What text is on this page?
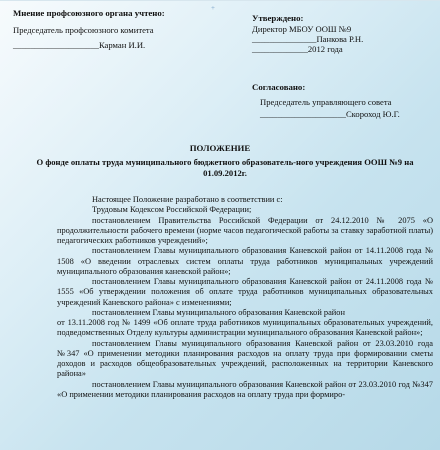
+
Мнение профсоюзного органа учтено:
Председатель профсоюзного комитета
____________________Карман И.И.
Утверждено:
Директор МБОУ ООШ №9
_______________Панкова Р.Н.
_____________2012 года
Согласовано:
Председатель управляющего совета
____________________Скороход Ю.Г.
ПОЛОЖЕНИЕ
О фонде оплаты труда муниципального бюджетного образователь-ного учреждения ООШ №9 на 01.09.2012г.

Настоящее Положение разработано в соответствии с:

Трудовым Кодексом Российской Федерации;

постановлением Правительства Российской Федерации от 24.12.2010 № 2075 «О продолжительности рабочего времени (норме часов педагогической работы за ставку заработной платы) педагогических работников учреждений»;

постановлением Главы муниципального образования Каневской район от 14.11.2008 года № 1508 «О введении отраслевых систем оплаты труда работников муниципальных учреждений муниципального образования каневской район»;

постановлением Главы муниципального образования Каневской район от 24.11.2008 года № 1555 «Об утверждении положения об оплате труда работников муниципальных образовательных учреждений Каневского района» с изменениями;

постановлением Главы муниципального образования Каневской район

от 13.11.2008 год № 1499 «Об оплате труда работников муниципальных образовательных учреждений, подведомственных Отделу культуры администрации муниципального образования Каневской район»;

постановлением Главы муниципального образования Каневской район от 23.03.2010 года №347 «О применении методики планирования расходов на оплату труда при формировании сметы доходов и расходов общеобразовательных учреждений, расположенных на территории Каневского района»

постановлением Главы муниципального образования Каневской район от 23.03.2010 год №347 «О применении методики планирования расходов на оплату труда при формиро-
